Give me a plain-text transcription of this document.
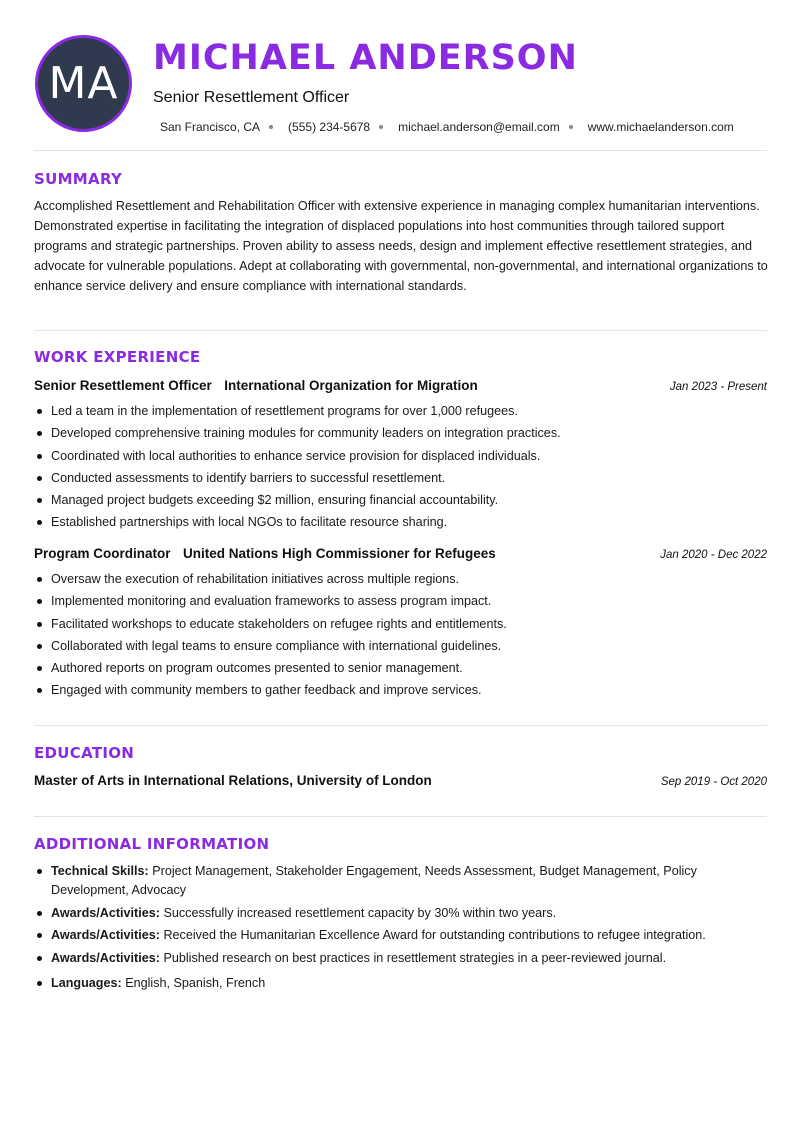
MA MICHAEL ANDERSON
Senior Resettlement Officer
San Francisco, CA (555) 234-5678 michael.anderson@email.com www.michaelanderson.com
SUMMARY
Accomplished Resettlement and Rehabilitation Officer with extensive experience in managing complex humanitarian interventions. Demonstrated expertise in facilitating the integration of displaced populations into host communities through tailored support programs and strategic partnerships. Proven ability to assess needs, design and implement effective resettlement strategies, and advocate for vulnerable populations. Adept at collaborating with governmental, non-governmental, and international organizations to enhance service delivery and ensure compliance with international standards.
WORK EXPERIENCE
Senior Resettlement Officer International Organization for Migration	Jan 2023 - Present
Led a team in the implementation of resettlement programs for over 1,000 refugees.
Developed comprehensive training modules for community leaders on integration practices.
Coordinated with local authorities to enhance service provision for displaced individuals.
Conducted assessments to identify barriers to successful resettlement.
Managed project budgets exceeding $2 million, ensuring financial accountability.
Established partnerships with local NGOs to facilitate resource sharing.
Program Coordinator United Nations High Commissioner for Refugees	Jan 2020 - Dec 2022
Oversaw the execution of rehabilitation initiatives across multiple regions.
Implemented monitoring and evaluation frameworks to assess program impact.
Facilitated workshops to educate stakeholders on refugee rights and entitlements.
Collaborated with legal teams to ensure compliance with international guidelines.
Authored reports on program outcomes presented to senior management.
Engaged with community members to gather feedback and improve services.
EDUCATION
Master of Arts in International Relations, University of London	Sep 2019 - Oct 2020
ADDITIONAL INFORMATION
Technical Skills: Project Management, Stakeholder Engagement, Needs Assessment, Budget Management, Policy Development, Advocacy
Awards/Activities: Successfully increased resettlement capacity by 30% within two years.
Awards/Activities: Received the Humanitarian Excellence Award for outstanding contributions to refugee integration.
Awards/Activities: Published research on best practices in resettlement strategies in a peer-reviewed journal.
Languages: English, Spanish, French
